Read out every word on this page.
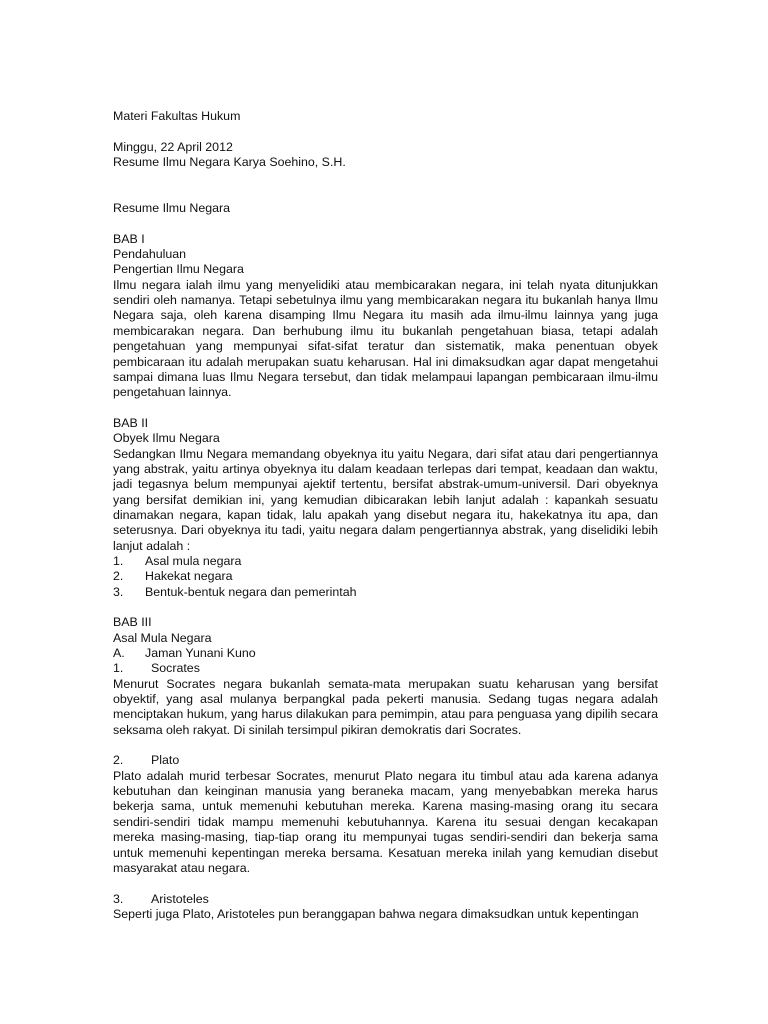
Materi Fakultas Hukum
Minggu, 22 April 2012
Resume Ilmu Negara Karya Soehino, S.H.
Resume Ilmu Negara
BAB I
Pendahuluan
Pengertian Ilmu Negara
Ilmu negara ialah ilmu yang menyelidiki atau membicarakan negara, ini telah nyata ditunjukkan sendiri oleh namanya. Tetapi sebetulnya ilmu yang membicarakan negara itu bukanlah hanya Ilmu Negara saja, oleh karena disamping Ilmu Negara itu masih ada ilmu-ilmu lainnya yang juga membicarakan negara. Dan berhubung ilmu itu bukanlah pengetahuan biasa, tetapi adalah pengetahuan yang mempunyai sifat-sifat teratur dan sistematik, maka penentuan obyek pembicaraan itu adalah merupakan suatu keharusan. Hal ini dimaksudkan agar dapat mengetahui sampai dimana luas Ilmu Negara tersebut, dan tidak melampaui lapangan pembicaraan ilmu-ilmu pengetahuan lainnya.
BAB II
Obyek Ilmu Negara
Sedangkan Ilmu Negara memandang obyeknya itu yaitu Negara, dari sifat atau dari pengertiannya yang abstrak, yaitu artinya obyeknya itu dalam keadaan terlepas dari tempat, keadaan dan waktu, jadi tegasnya belum mempunyai ajektif tertentu, bersifat abstrak-umum-universil. Dari obyeknya yang bersifat demikian ini, yang kemudian dibicarakan lebih lanjut adalah : kapankah sesuatu dinamakan negara, kapan tidak, lalu apakah yang disebut negara itu, hakekatnya itu apa, dan seterusnya. Dari obyeknya itu tadi, yaitu negara dalam pengertiannya abstrak, yang diselidiki lebih lanjut adalah :
1. Asal mula negara
2. Hakekat negara
3. Bentuk-bentuk negara dan pemerintah
BAB III
Asal Mula Negara
A. Jaman Yunani Kuno
1. Socrates
Menurut Socrates negara bukanlah semata-mata merupakan suatu keharusan yang bersifat obyektif, yang asal mulanya berpangkal pada pekerti manusia. Sedang tugas negara adalah menciptakan hukum, yang harus dilakukan para pemimpin, atau para penguasa yang dipilih secara seksama oleh rakyat. Di sinilah tersimpul pikiran demokratis dari Socrates.
2. Plato
Plato adalah murid terbesar Socrates, menurut Plato negara itu timbul atau ada karena adanya kebutuhan dan keinginan manusia yang beraneka macam, yang menyebabkan mereka harus bekerja sama, untuk memenuhi kebutuhan mereka. Karena masing-masing orang itu secara sendiri-sendiri tidak mampu memenuhi kebutuhannya. Karena itu sesuai dengan kecakapan mereka masing-masing, tiap-tiap orang itu mempunyai tugas sendiri-sendiri dan bekerja sama untuk memenuhi kepentingan mereka bersama. Kesatuan mereka inilah yang kemudian disebut masyarakat atau negara.
3. Aristoteles
Seperti juga Plato, Aristoteles pun beranggapan bahwa negara dimaksudkan untuk kepentingan
